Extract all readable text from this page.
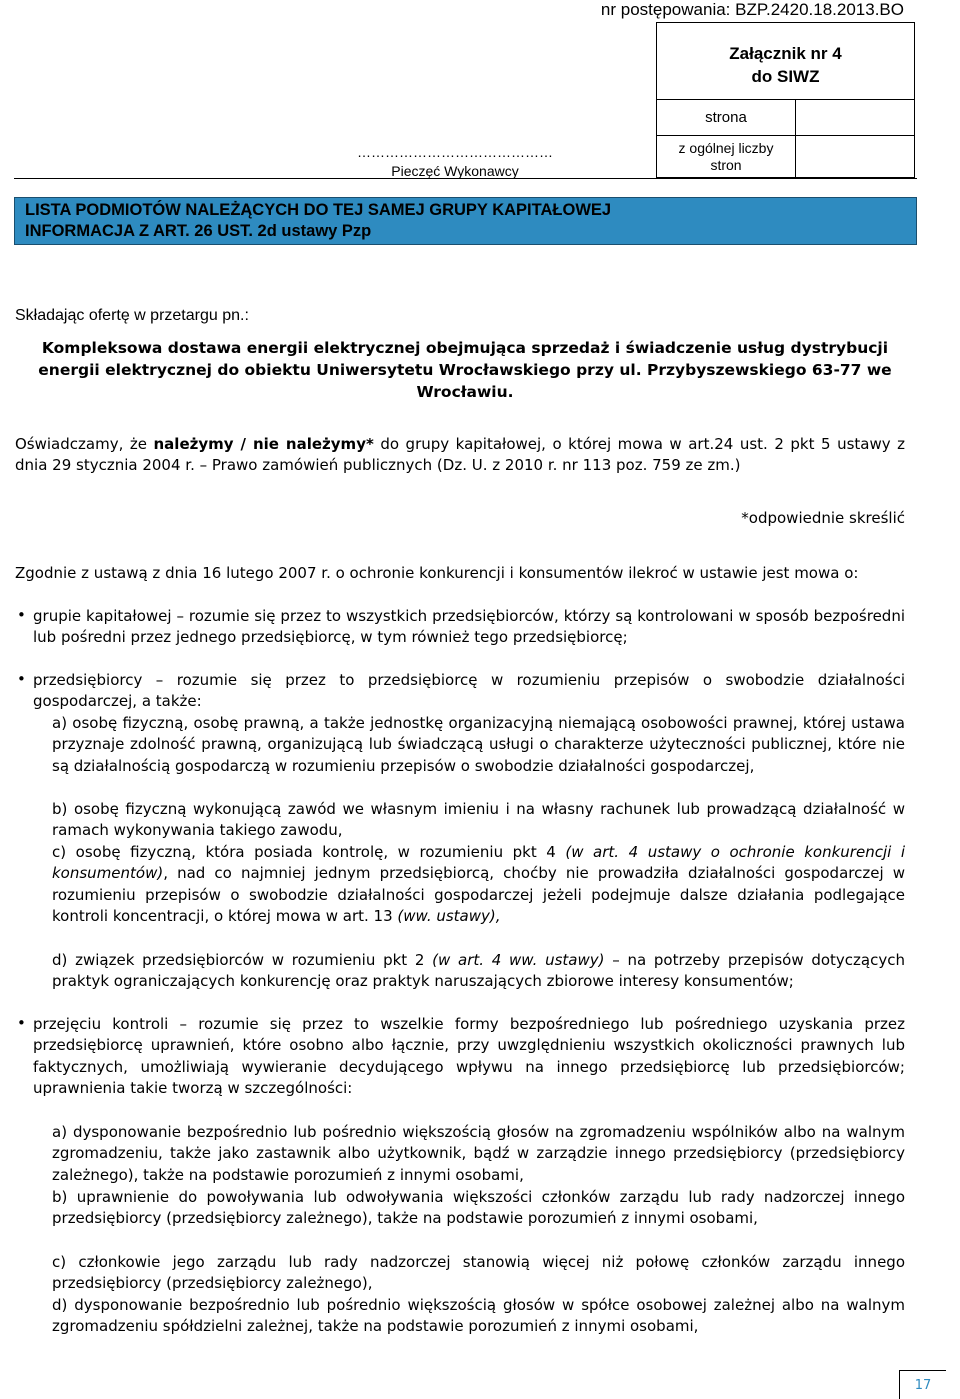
nr postępowania: BZP.2420.18.2013.BO
Załącznik nr 4
do SIWZ
strona
z ogólnej liczby
stron
……………………………………
Pieczęć Wykonawcy
LISTA PODMIOTÓW NALEŻĄCYCH DO TEJ SAMEJ GRUPY KAPITAŁOWEJ
INFORMACJA Z ART. 26 UST. 2d ustawy Pzp
Składając ofertę w przetargu pn.:
Kompleksowa dostawa energii elektrycznej obejmująca sprzedaż i świadczenie usług dystrybucji energii elektrycznej do obiektu Uniwersytetu Wrocławskiego przy ul. Przybyszewskiego 63-77 we Wrocławiu.
Oświadczamy, że należymy / nie należymy* do grupy kapitałowej, o której mowa w art.24 ust. 2 pkt 5 ustawy z dnia 29 stycznia 2004 r. – Prawo zamówień publicznych (Dz. U. z 2010 r. nr 113 poz. 759 ze zm.)
*odpowiednie skreślić
Zgodnie z ustawą z dnia 16 lutego 2007 r. o ochronie konkurencji i konsumentów ilekroć w ustawie jest mowa o:
• grupie kapitałowej – rozumie się przez to wszystkich przedsiębiorców, którzy są kontrolowani w sposób bezpośredni lub pośredni przez jednego przedsiębiorcę, w tym również tego przedsiębiorcę;
• przedsiębiorcy – rozumie się przez to przedsiębiorcę w rozumieniu przepisów o swobodzie działalności gospodarczej, a także:
a) osobę fizyczną, osobę prawną, a także jednostkę organizacyjną niemającą osobowości prawnej, której ustawa przyznaje zdolność prawną, organizującą lub świadczącą usługi o charakterze użyteczności publicznej, które nie są działalnością gospodarczą w rozumieniu przepisów o swobodzie działalności gospodarczej,
b) osobę fizyczną wykonującą zawód we własnym imieniu i na własny rachunek lub prowadzącą działalność w ramach wykonywania takiego zawodu,
c) osobę fizyczną, która posiada kontrolę, w rozumieniu pkt 4 (w art. 4 ustawy o ochronie konkurencji i konsumentów), nad co najmniej jednym przedsiębiorcą, choćby nie prowadziła działalności gospodarczej w rozumieniu przepisów o swobodzie działalności gospodarczej jeżeli podejmuje dalsze działania podlegające kontroli koncentracji, o której mowa w art. 13 (ww. ustawy),
d) związek przedsiębiorców w rozumieniu pkt 2 (w art. 4 ww. ustawy) – na potrzeby przepisów dotyczących praktyk ograniczających konkurencję oraz praktyk naruszających zbiorowe interesy konsumentów;
• przejęciu kontroli – rozumie się przez to wszelkie formy bezpośredniego lub pośredniego uzyskania przez przedsiębiorcę uprawnień, które osobno albo łącznie, przy uwzględnieniu wszystkich okoliczności prawnych lub faktycznych, umożliwiają wywieranie decydującego wpływu na innego przedsiębiorcę lub przedsiębiorców; uprawnienia takie tworzą w szczególności:
a) dysponowanie bezpośrednio lub pośrednio większością głosów na zgromadzeniu wspólników albo na walnym zgromadzeniu, także jako zastawnik albo użytkownik, bądź w zarządzie innego przedsiębiorcy (przedsiębiorcy zależnego), także na podstawie porozumień z innymi osobami,
b) uprawnienie do powoływania lub odwoływania większości członków zarządu lub rady nadzorczej innego przedsiębiorcy (przedsiębiorcy zależnego), także na podstawie porozumień z innymi osobami,
c) członkowie jego zarządu lub rady nadzorczej stanowią więcej niż połowę członków zarządu innego przedsiębiorcy (przedsiębiorcy zależnego),
d) dysponowanie bezpośrednio lub pośrednio większością głosów w spółce osobowej zależnej albo na walnym zgromadzeniu spółdzielni zależnej, także na podstawie porozumień z innymi osobami,
17
